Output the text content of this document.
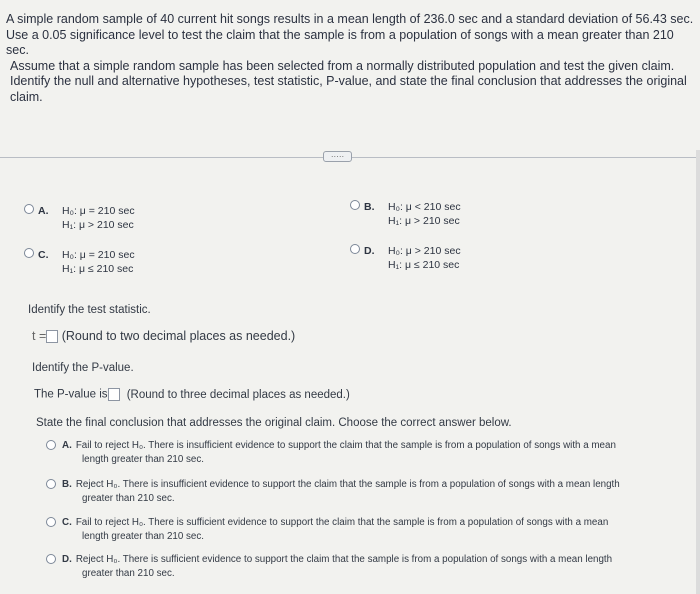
A simple random sample of 40 current hit songs results in a mean length of 236.0 sec and a standard deviation of 56.43 sec. Use a 0.05 significance level to test the claim that the sample is from a population of songs with a mean greater than 210 sec.

Assume that a simple random sample has been selected from a normally distributed population and test the given claim. Identify the null and alternative hypotheses, test statistic, P-value, and state the final conclusion that addresses the original claim.

·····
A.	H₀: μ = 210 sec
H₁: μ > 210 sec
B.	H₀: μ < 210 sec
H₁: μ > 210 sec
C.	H₀: μ = 210 sec
H₁: μ ≤ 210 sec
D.	H₀: μ > 210 sec
H₁: μ ≤ 210 sec
Identify the test statistic.
t = (Round to two decimal places as needed.)
Identify the P-value.
The P-value is (Round to three decimal places as needed.)
State the final conclusion that addresses the original claim. Choose the correct answer below.
A. Fail to reject H₀. There is insufficient evidence to support the claim that the sample is from a population of songs with a mean
length greater than 210 sec.
B. Reject H₀. There is insufficient evidence to support the claim that the sample is from a population of songs with a mean length
greater than 210 sec.
C. Fail to reject H₀. There is sufficient evidence to support the claim that the sample is from a population of songs with a mean
length greater than 210 sec.
D. Reject H₀. There is sufficient evidence to support the claim that the sample is from a population of songs with a mean length
greater than 210 sec.
